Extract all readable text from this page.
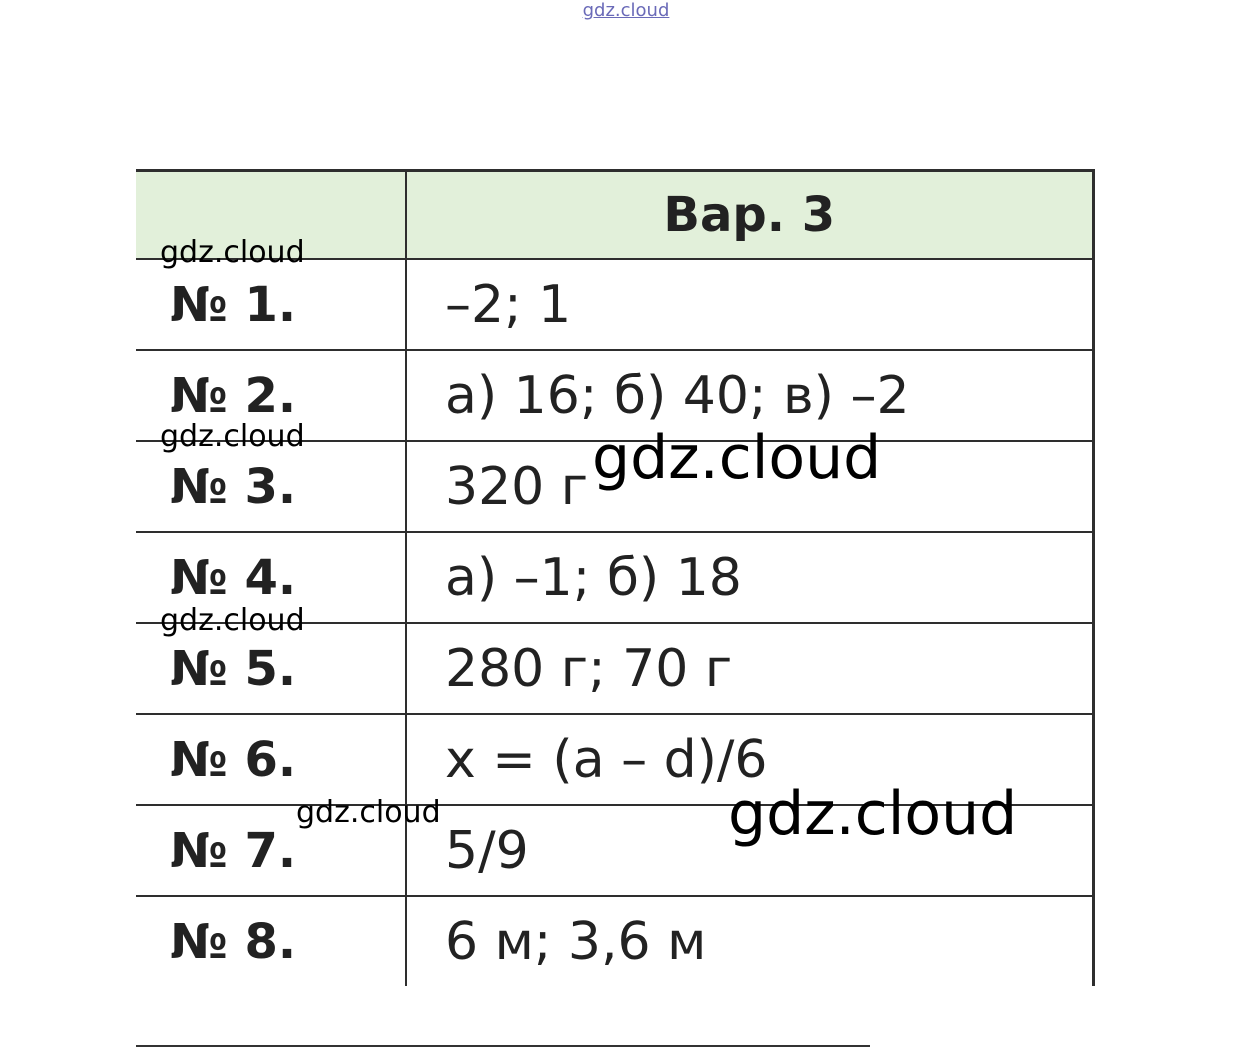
gdz.cloud
	Вар. 3
№ 1.	–2; 1
№ 2.	а) 16; б) 40; в) –2
№ 3.	320 г
№ 4.	а) –1; б) 18
№ 5.	280 г; 70 г
№ 6.	x = (a – d)/6
№ 7.	5/9
№ 8.	6 м; 3,6 м
gdz.cloud
gdz.cloud	gdz.cloud
gdz.cloud
gdz.cloud	gdz.cloud
